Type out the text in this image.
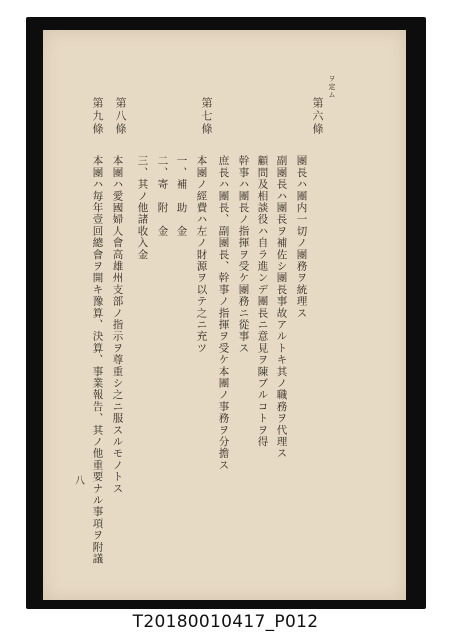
ヲ定ム
第六條
團長ハ團内一切ノ團務ヲ統理ス
副團長ハ團長ヲ補佐シ團長事故アルトキ其ノ職務ヲ代理ス
顧問及相談役ハ自ラ進ンデ團長ニ意見ヲ陳ブルコトヲ得
幹事ハ團長ノ指揮ヲ受ケ團務ニ從事ス
庶長ハ團長、副團長、幹事ノ指揮ヲ受ケ本團ノ事務ヲ分擔ス
第七條
本團ノ經費ハ左ノ財源ヲ以テ之ニ充ツ
一、補　助　金
二、寄　附　金
三、其ノ他諸收入金
第八條
本團ハ愛國婦人會高雄州支部ノ指示ヲ尊重シ之ニ服スルモノトス
第九條
本團ハ毎年壹回總會ヲ開キ豫算、決算、事業報告、其ノ他重要ナル事項ヲ附議
八
T20180010417_P012
